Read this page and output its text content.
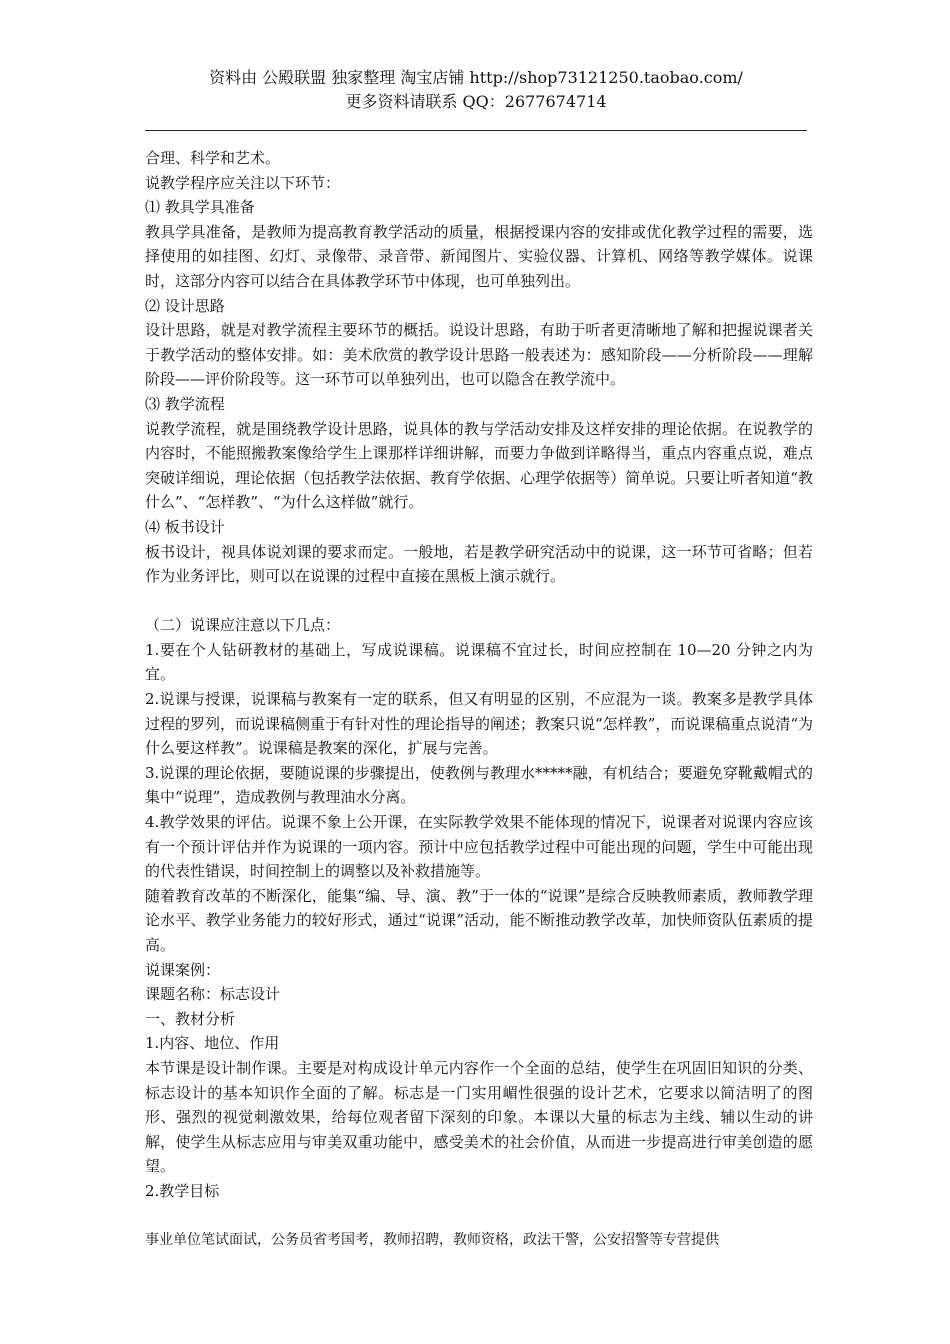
资料由 公殿联盟 独家整理 淘宝店铺 http://shop73121250.taobao.com/
更多资料请联系 QQ：2677674714

合理、科学和艺术。

说教学程序应关注以下环节：

⑴ 教具学具准备

教具学具准备，是教师为提高教育教学活动的质量，根据授课内容的安排或优化教学过程的需要，选择使用的如挂图、幻灯、录像带、录音带、新闻图片、实验仪器、计算机、网络等教学媒体。说课时，这部分内容可以结合在具体教学环节中体现，也可单独列出。

⑵ 设计思路

设计思路，就是对教学流程主要环节的概括。说设计思路，有助于听者更清晰地了解和把握说课者关于教学活动的整体安排。如：美术欣赏的教学设计思路一般表述为：感知阶段——分析阶段——理解阶段——评价阶段等。这一环节可以单独列出，也可以隐含在教学流中。

⑶ 教学流程

说教学流程，就是围绕教学设计思路，说具体的教与学活动安排及这样安排的理论依据。在说教学的内容时，不能照搬教案像给学生上课那样详细讲解，而要力争做到详略得当，重点内容重点说，难点突破详细说，理论依据（包括教学法依据、教育学依据、心理学依据等）简单说。只要让听者知道“教什么”、“怎样教”、“为什么这样做”就行。

⑷ 板书设计

板书设计，视具体说刘课的要求而定。一般地，若是教学研究活动中的说课，这一环节可省略；但若作为业务评比，则可以在说课的过程中直接在黑板上演示就行。

（二）说课应注意以下几点：

1.要在个人钻研教材的基础上，写成说课稿。说课稿不宜过长，时间应控制在 10—20 分钟之内为宜。

2.说课与授课，说课稿与教案有一定的联系，但又有明显的区别，不应混为一谈。教案多是教学具体过程的罗列，而说课稿侧重于有针对性的理论指导的阐述；教案只说“怎样教”，而说课稿重点说清“为什么要这样教”。说课稿是教案的深化，扩展与完善。

3.说课的理论依据，要随说课的步骤提出，使教例与教理水*****融，有机结合；要避免穿靴戴帽式的集中“说理”，造成教例与教理油水分离。

4.教学效果的评估。说课不象上公开课，在实际教学效果不能体现的情况下，说课者对说课内容应该有一个预计评估并作为说课的一项内容。预计中应包括教学过程中可能出现的问题，学生中可能出现的代表性错误，时间控制上的调整以及补救措施等。

随着教育改革的不断深化，能集“编、导、演、教”于一体的“说课”是综合反映教师素质，教师教学理论水平、教学业务能力的较好形式，通过“说课”活动，能不断推动教学改革，加快师资队伍素质的提高。

说课案例：

课题名称：标志设计

一、教材分析

1.内容、地位、作用

本节课是设计制作课。主要是对构成设计单元内容作一个全面的总结，使学生在巩固旧知识的分类、标志设计的基本知识作全面的了解。标志是一门实用嵋性很强的设计艺术，它要求以简洁明了的图形、强烈的视觉刺激效果，给每位观者留下深刻的印象。本课以大量的标志为主线、辅以生动的讲解，使学生从标志应用与审美双重功能中，感受美术的社会价值，从而进一步提高进行审美创造的愿望。

2.教学目标

事业单位笔试面试，公务员省考国考，教师招聘，教师资格，政法干警，公安招警等专营提供
